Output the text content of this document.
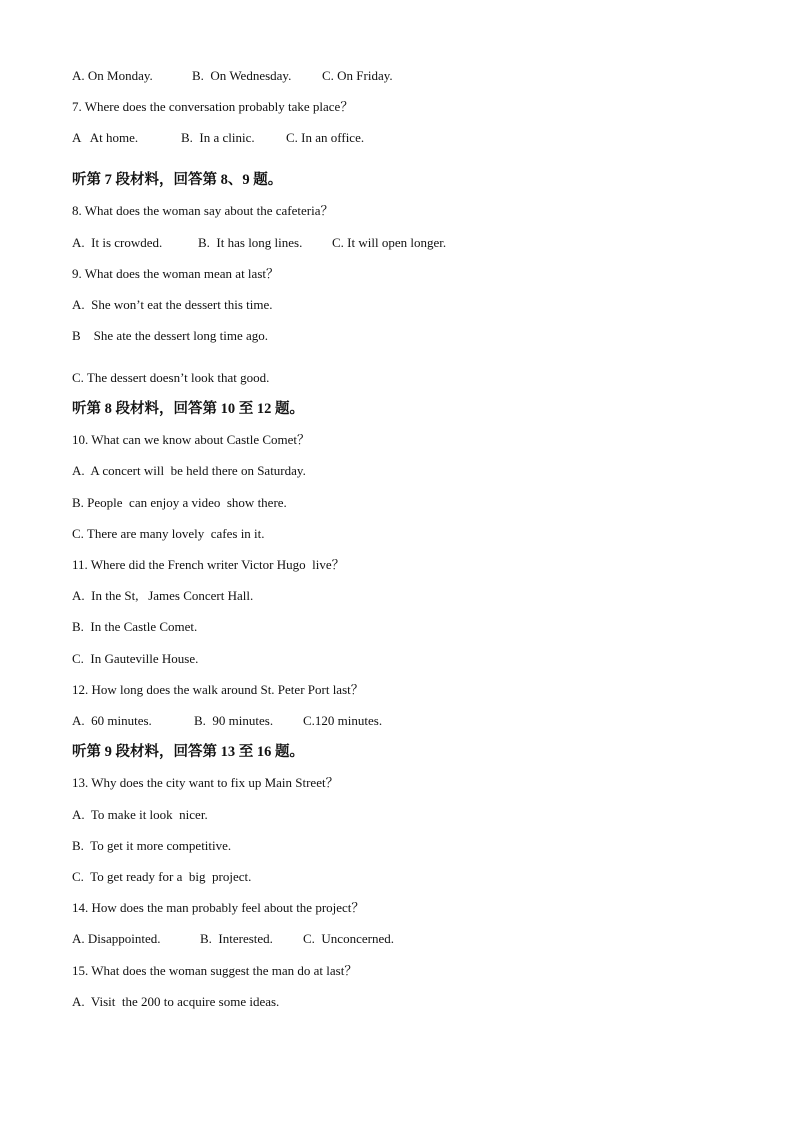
A. On Monday.	B.  On Wednesday.	C. On Friday.
7. Where does the conversation probably take place？
A   At home.	B.  In a clinic.	C. In an office.
听第 7 段材料，回答第 8、9 题。
8. What does the woman say about the cafeteria？
A.  It is crowded.	B.  It has long lines.	C. It will open longer.
9. What does the woman mean at last？
A.  She won’t eat the dessert this time.
B    She ate the dessert long time ago.
C. The dessert doesn’t look that good.
听第 8 段材料，回答第 10 至 12 题。
10. What can we know about Castle Comet？
A.  A concert will  be held there on Saturday.
B. People  can enjoy a video  show there.
C. There are many lovely  cafes in it.
11. Where did the French writer Victor Hugo  live？
A.  In the St,   James Concert Hall.
B.  In the Castle Comet.
C.  In Gauteville House.
12. How long does the walk around St. Peter Port last？
A.  60 minutes.	B.  90 minutes.	C.120 minutes.
听第 9 段材料，回答第 13 至 16 题。
13. Why does the city want to fix up Main Street？
A.  To make it look  nicer.
B.  To get it more competitive.
C.  To get ready for a  big  project.
14. How does the man probably feel about the project？
A. Disappointed.	B.  Interested.	C.  Unconcerned.
15. What does the woman suggest the man do at last？
A.  Visit  the 200 to acquire some ideas.
